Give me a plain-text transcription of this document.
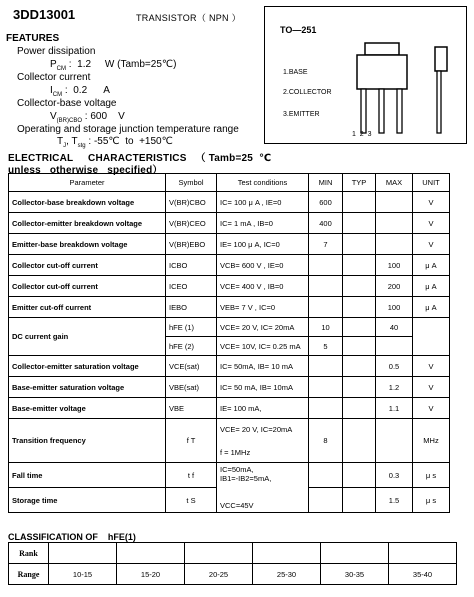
3DD13001	TRANSISTOR（ NPN ）
TO—251
1.BASE
2.COLLECTOR
3.EMITTER
1  2  3
FEATURES
Power dissipation
$P_{CM}$ :  1.2     W (Tamb=25℃)
Collector current
$I_{CM}$ :  0.2      A
Collector-base voltage
$V_{(BR)CBO}$ : 600    V
Operating and storage junction temperature range
$T_J$, $T_{stg}$ : -55℃  to  +150℃
ELECTRICAL     CHARACTERISTICS   （ Tamb=25  ℃
unless   otherwise   specified）
Parameter	Symbol	Test conditions	MIN	TYP	MAX	UNIT
Collector-base breakdown voltage	V(BR)CBO	IC= 100 μ A , IE=0	600			V
Collector-emitter breakdown voltage	V(BR)CEO	IC= 1 mA , IB=0	400			V
Emitter-base breakdown voltage	V(BR)EBO	IE= 100 μ A, IC=0	7			V
Collector cut-off current	ICBO	VCB= 600 V , IE=0			100	μ A
Collector cut-off current	ICEO	VCE= 400 V , IB=0			200	μ A
Emitter cut-off current	IEBO	VEB= 7 V , IC=0			100	μ A
DC current gain	hFE (1)	VCE= 20 V, IC= 20mA	10		40	
	hFE (2)	VCE= 10V, IC= 0.25 mA	5			
Collector-emitter saturation voltage	VCE(sat)	IC= 50mA, IB= 10 mA			0.5	V
Base-emitter saturation voltage	VBE(sat)	IC= 50 mA, IB= 10mA			1.2	V
Base-emitter voltage	VBE	IE= 100 mA,			1.1	V
Transition frequency	f T	VCE= 20 V, IC=20mA
f = 1MHz	8			MHz
Fall time	t f	IC=50mA,
IB1=-IB2=5mA,
VCC=45V			0.3	μ s
Storage time	t S				1.5	μ s
CLASSIFICATION OF    hFE(1)
Rank						
Range	10-15	15-20	20-25	25-30	30-35	35-40
